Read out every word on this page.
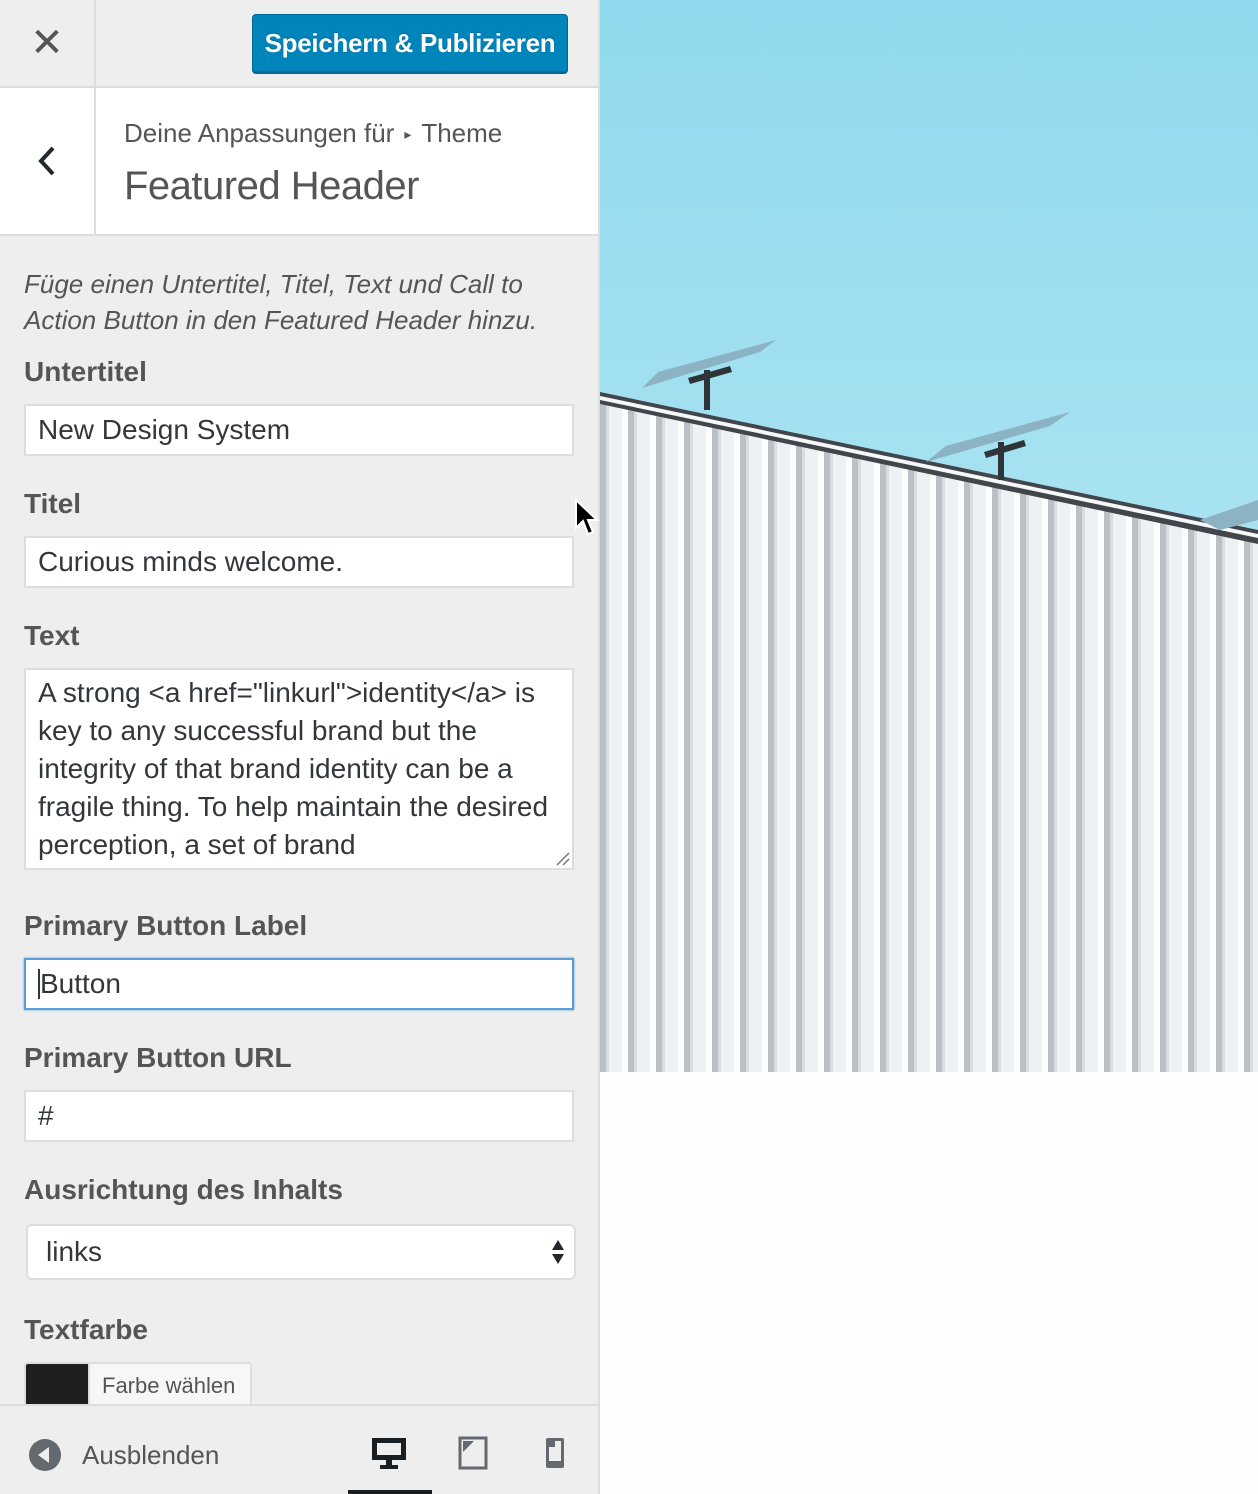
✕	Speichern & Publizieren
Deine Anpassungen für ▸ Theme
Featured Header
Füge einen Untertitel, Titel, Text und Call to Action Button in den Featured Header hinzu.
Untertitel
New Design System
Titel
Curious minds welcome.
Text
A strong <a href="linkurl">identity</a> is key to any successful brand but the integrity of that brand identity can be a fragile thing. To help maintain the desired perception, a set of brand
Primary Button Label
Button
Primary Button URL
#
Ausrichtung des Inhalts
links
Textfarbe
Farbe wählen
Ausblenden
